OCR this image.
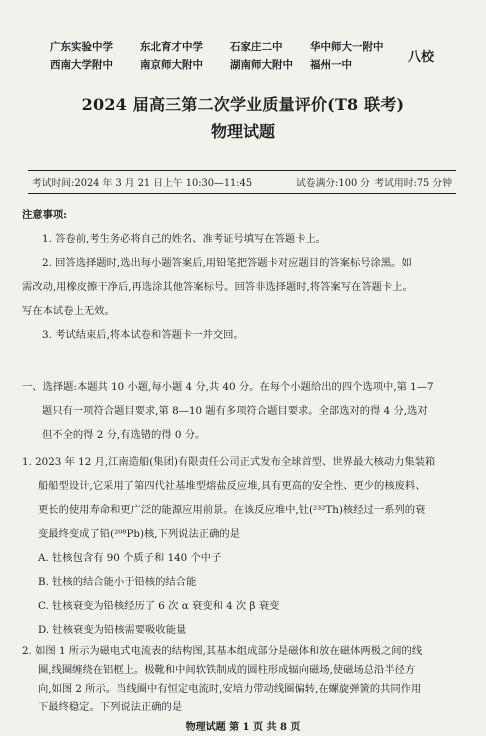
广东实验中学	东北育才中学	石家庄二中	华中师大一附中
西南大学附中	南京师大附中	湖南师大附中	福州一中	八校
2024 届高三第二次学业质量评价(T8 联考)
物理试题
考试时间:2024 年 3 月 21 日上午 10:30—11:45	试卷满分:100 分 考试用时:75 分钟
注意事项:
1. 答卷前,考生务必将自己的姓名、准考证号填写在答题卡上。
2. 回答选择题时,选出每小题答案后,用铅笔把答题卡对应题目的答案标号涂黑。如
需改动,用橡皮擦干净后,再选涂其他答案标号。回答非选择题时,将答案写在答题卡上。
写在本试卷上无效。
3. 考试结束后,将本试卷和答题卡一并交回。
一、选择题:本题共 10 小题,每小题 4 分,共 40 分。在每个小题给出的四个选项中,第 1—7
题只有一项符合题目要求,第 8—10 题有多项符合题目要求。全部选对的得 4 分,选对
但不全的得 2 分,有选错的得 0 分。
1. 2023 年 12 月,江南造船(集团)有限责任公司正式发布全球首型、世界最大核动力集装箱
船船型设计,它采用了第四代社基堆型熔盐反应堆,具有更高的安全性、更少的核废料、
更长的使用寿命和更广泛的能源应用前景。在该反应堆中,钍(²³²Th)核经过一系列的衰
变最终变成了铅(²⁰⁸Pb)核,下列说法正确的是
A. 钍核包含有 90 个质子和 140 个中子
B. 钍核的结合能小于铅核的结合能
C. 钍核衰变为铅核经历了 6 次 α 衰变和 4 次 β 衰变
D. 钍核衰变为铅核需要吸收能量
2. 如图 1 所示为磁电式电流表的结构图,其基本组成部分是磁体和放在磁体两极之间的线
圈,线圈缠绕在铝框上。极靴和中间软铁制成的圆柱形成辐向磁场,使磁场总沿半径方
向,如图 2 所示。当线圈中有恒定电流时,安培力带动线圈偏转,在螺旋弹簧的共同作用
下最终稳定。下列说法正确的是
物理试题 第 1 页 共 8 页
